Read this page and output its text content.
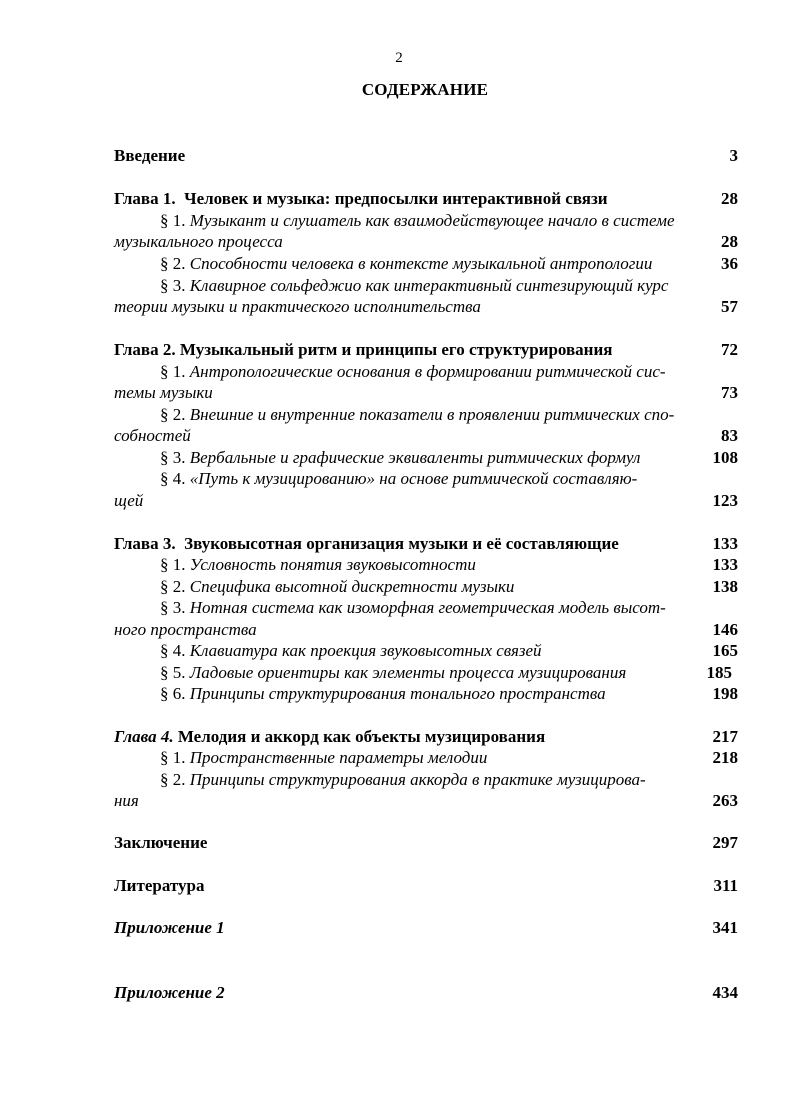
2
СОДЕРЖАНИЕ
Введение	3
Глава 1. Человек и музыка: предпосылки интерактивной связи	28
§ 1. Музыкант и слушатель как взаимодействующее начало в системе
музыкального процесса	28
§ 2. Способности человека в контексте музыкальной антропологии	36
§ 3. Клавирное сольфеджио как интерактивный синтезирующий курс
теории музыки и практического исполнительства	57
Глава 2. Музыкальный ритм и принципы его структурирования	72
§ 1. Антропологические основания в формировании ритмической сис-
темы музыки	73
§ 2. Внешние и внутренние показатели в проявлении ритмических спо-
собностей	83
§ 3. Вербальные и графические эквиваленты ритмических формул	108
§ 4. «Путь к музицированию» на основе ритмической составляю-
щей	123
Глава 3. Звуковысотная организация музыки и её составляющие	133
§ 1. Условность понятия звуковысотности	133
§ 2. Специфика высотной дискретности музыки	138
§ 3. Нотная система как изоморфная геометрическая модель высот-
ного пространства	146
§ 4. Клавиатура как проекция звуковысотных связей	165
§ 5. Ладовые ориентиры как элементы процесса музицирования	185
§ 6. Принципы структурирования тонального пространства	198
Глава 4. Мелодия и аккорд как объекты музицирования	217
§ 1. Пространственные параметры мелодии	218
§ 2. Принципы структурирования аккорда в практике музицирова-
ния	263
Заключение	297
Литература	311
Приложение 1	341
Приложение 2	434
